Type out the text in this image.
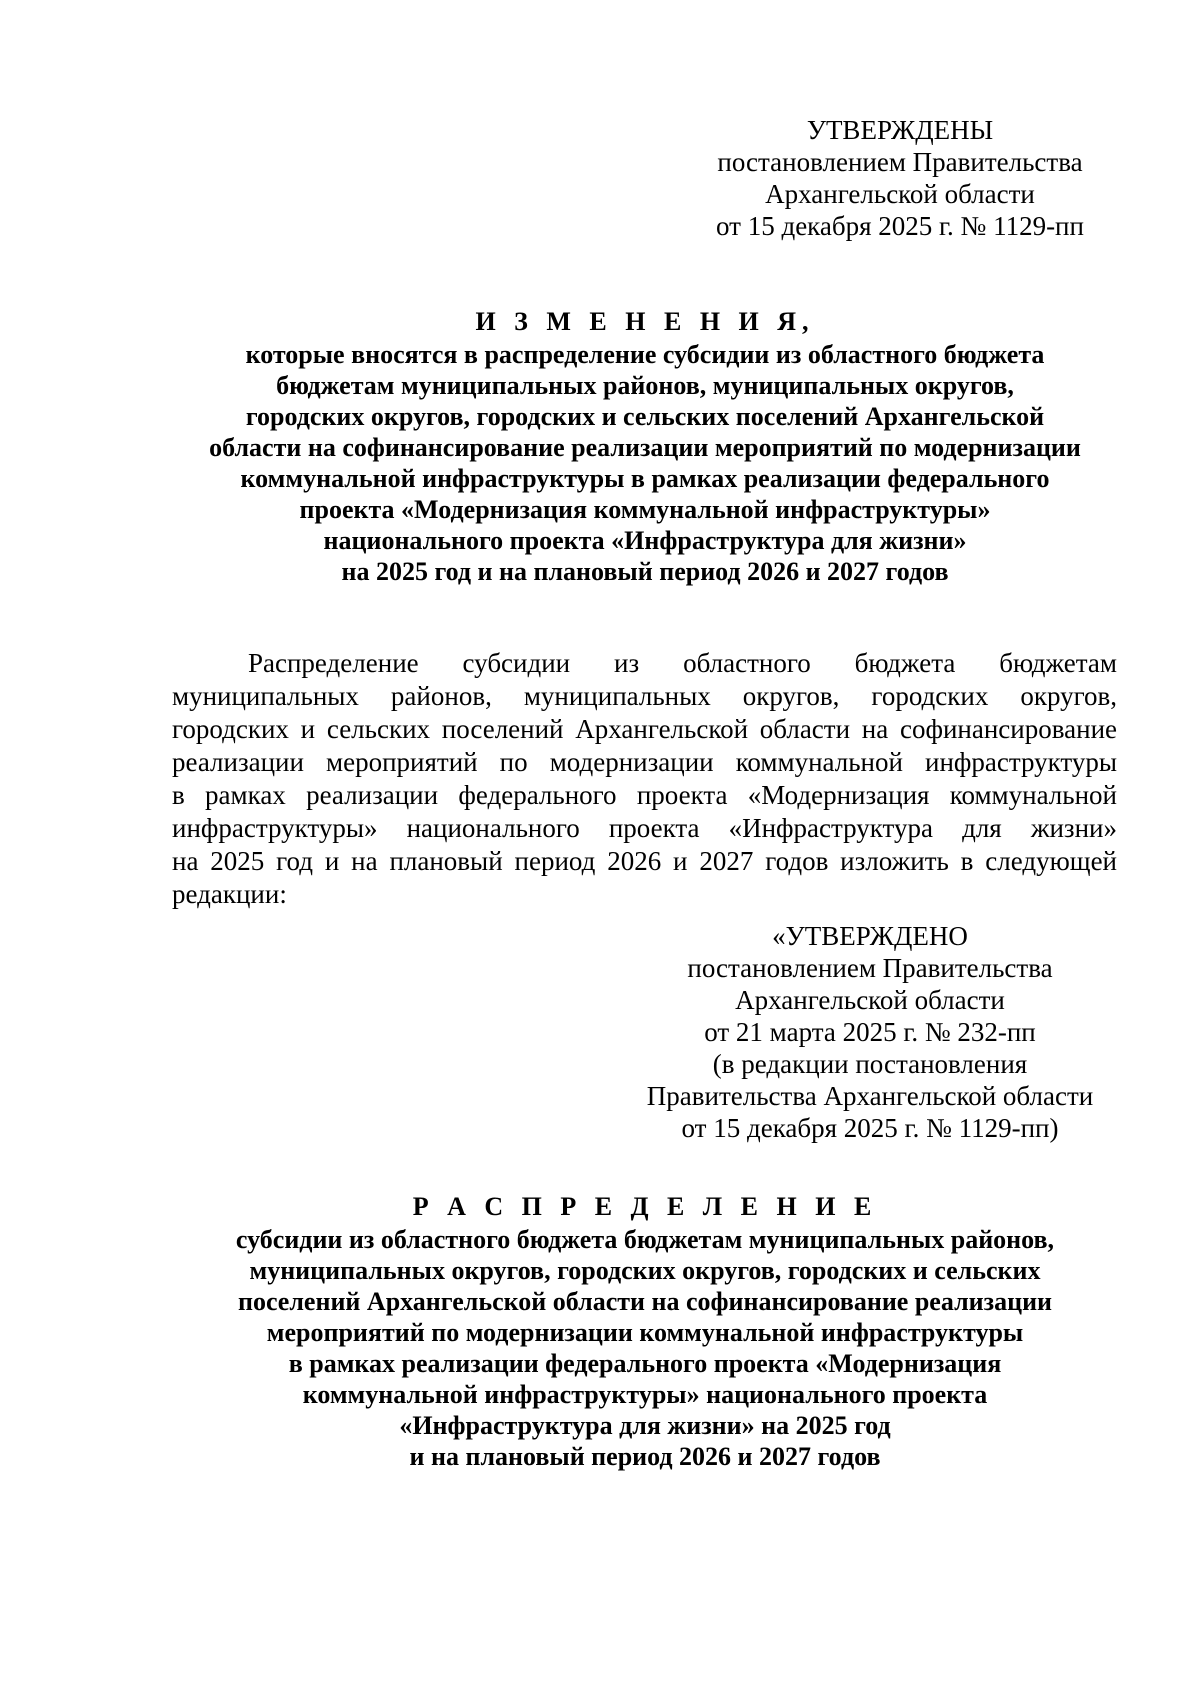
УТВЕРЖДЕНЫ
постановлением Правительства
Архангельской области
от 15 декабря 2025 г. № 1129-пп
И З М Е Н Е Н И Я,
которые вносятся в распределение субсидии из областного бюджета
бюджетам муниципальных районов, муниципальных округов,
городских округов, городских и сельских поселений Архангельской
области на софинансирование реализации мероприятий по модернизации
коммунальной инфраструктуры в рамках реализации федерального
проекта «Модернизация коммунальной инфраструктуры»
национального проекта «Инфраструктура для жизни»
на 2025 год и на плановый период 2026 и 2027 годов
Распределение субсидии из областного бюджета бюджетам
муниципальных районов, муниципальных округов, городских округов,
городских и сельских поселений Архангельской области на софинансирование
реализации мероприятий по модернизации коммунальной инфраструктуры
в рамках реализации федерального проекта «Модернизация коммунальной
инфраструктуры» национального проекта «Инфраструктура для жизни»
на 2025 год и на плановый период 2026 и 2027 годов изложить в следующей
редакции:
«УТВЕРЖДЕНО
постановлением Правительства
Архангельской области
от 21 марта 2025 г. № 232-пп
(в редакции постановления
Правительства Архангельской области
от 15 декабря 2025 г. № 1129-пп)
Р А С П Р Е Д Е Л Е Н И Е
субсидии из областного бюджета бюджетам муниципальных районов,
муниципальных округов, городских округов, городских и сельских
поселений Архангельской области на софинансирование реализации
мероприятий по модернизации коммунальной инфраструктуры
в рамках реализации федерального проекта «Модернизация
коммунальной инфраструктуры» национального проекта
«Инфраструктура для жизни» на 2025 год
и на плановый период 2026 и 2027 годов
